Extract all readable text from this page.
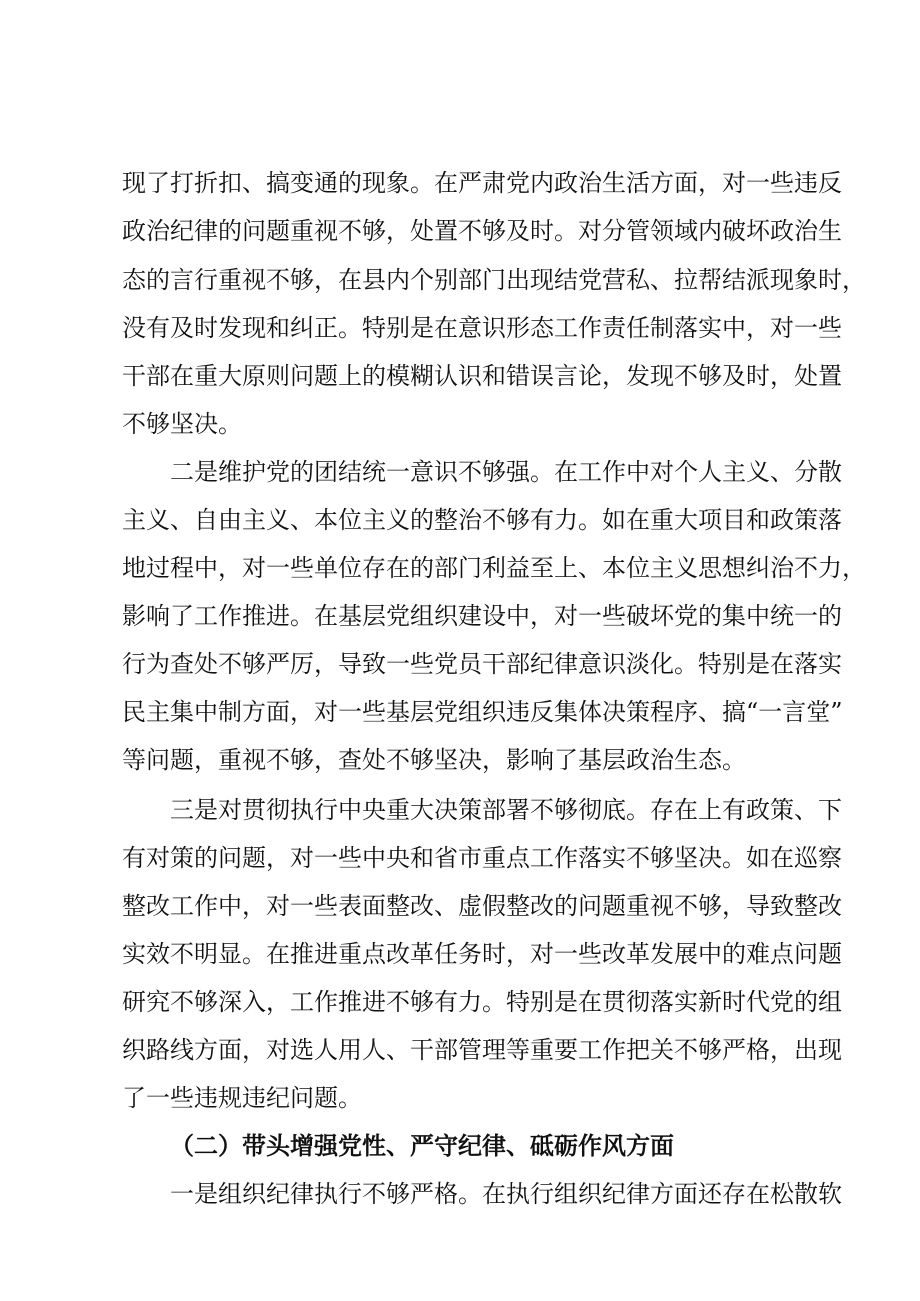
现了打折扣、搞变通的现象。在严肃党内政治生活方面，对一些违反
政治纪律的问题重视不够，处置不够及时。对分管领域内破坏政治生
态的言行重视不够，在县内个别部门出现结党营私、拉帮结派现象时，
没有及时发现和纠正。特别是在意识形态工作责任制落实中，对一些
干部在重大原则问题上的模糊认识和错误言论，发现不够及时，处置
不够坚决。
二是维护党的团结统一意识不够强。在工作中对个人主义、分散
主义、自由主义、本位主义的整治不够有力。如在重大项目和政策落
地过程中，对一些单位存在的部门利益至上、本位主义思想纠治不力，
影响了工作推进。在基层党组织建设中，对一些破坏党的集中统一的
行为查处不够严厉，导致一些党员干部纪律意识淡化。特别是在落实
民主集中制方面，对一些基层党组织违反集体决策程序、搞“一言堂”
等问题，重视不够，查处不够坚决，影响了基层政治生态。
三是对贯彻执行中央重大决策部署不够彻底。存在上有政策、下
有对策的问题，对一些中央和省市重点工作落实不够坚决。如在巡察
整改工作中，对一些表面整改、虚假整改的问题重视不够，导致整改
实效不明显。在推进重点改革任务时，对一些改革发展中的难点问题
研究不够深入，工作推进不够有力。特别是在贯彻落实新时代党的组
织路线方面，对选人用人、干部管理等重要工作把关不够严格，出现
了一些违规违纪问题。
（二）带头增强党性、严守纪律、砥砺作风方面
一是组织纪律执行不够严格。在执行组织纪律方面还存在松散软
